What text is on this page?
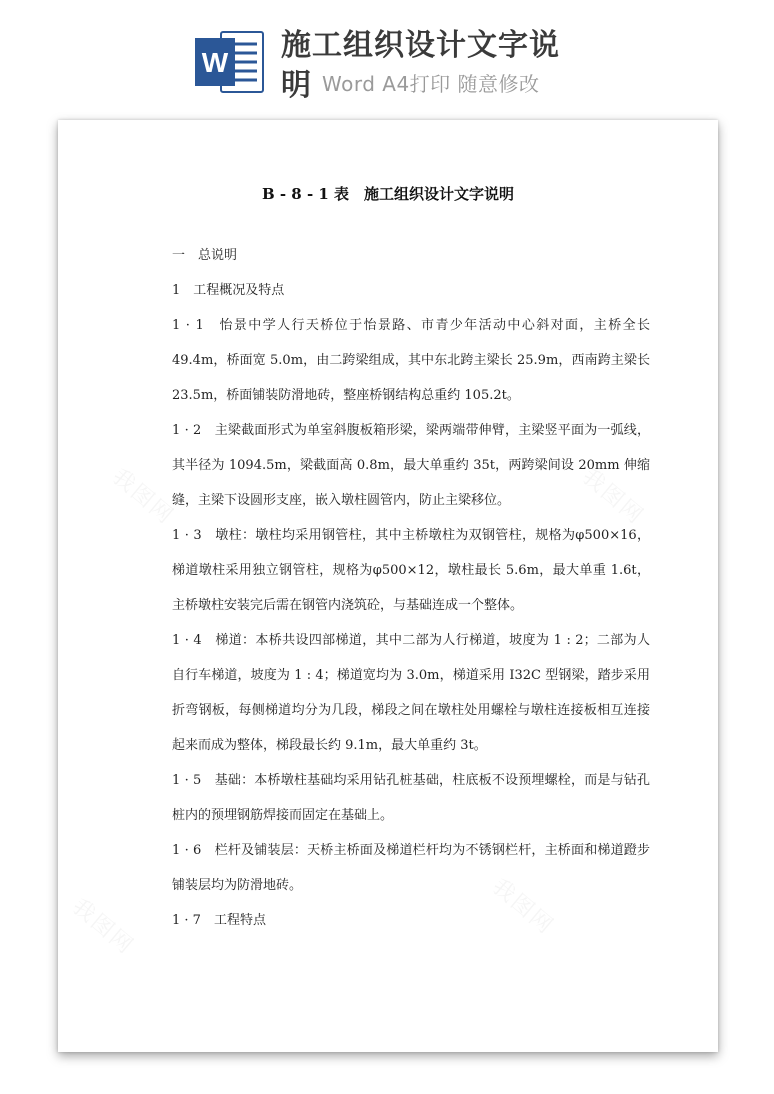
W 施工组织设计文字说明 Word A4打印 随意修改
我图网	我图网
我图网	我图网
B - 8 - 1 表　施工组织设计文字说明
一　总说明
1　工程概况及特点
1 · 1　怡景中学人行天桥位于怡景路、市青少年活动中心斜对面，主桥全长 49.4m，桥面宽 5.0m，由二跨梁组成，其中东北跨主梁长 25.9m，西南跨主梁长 23.5m，桥面铺装防滑地砖，整座桥钢结构总重约 105.2t。
1 · 2　主梁截面形式为单室斜腹板箱形梁，梁两端带伸臂，主梁竖平面为一弧线，其半径为 1094.5m，梁截面高 0.8m，最大单重约 35t，两跨梁间设 20mm 伸缩缝，主梁下设圆形支座，嵌入墩柱圆管内，防止主梁移位。
1 · 3　墩柱：墩柱均采用钢管柱，其中主桥墩柱为双钢管柱，规格为φ500×16，梯道墩柱采用独立钢管柱，规格为φ500×12，墩柱最长 5.6m，最大单重 1.6t，主桥墩柱安装完后需在钢管内浇筑砼，与基础连成一个整体。
1 · 4　梯道：本桥共设四部梯道，其中二部为人行梯道，坡度为 1 : 2；二部为人自行车梯道，坡度为 1 : 4；梯道宽均为 3.0m，梯道采用 I32C 型钢梁，踏步采用折弯钢板，每侧梯道均分为几段，梯段之间在墩柱处用螺栓与墩柱连接板相互连接起来而成为整体，梯段最长约 9.1m，最大单重约 3t。
1 · 5　基础：本桥墩柱基础均采用钻孔桩基础，柱底板不设预埋螺栓，而是与钻孔桩内的预埋钢筋焊接而固定在基础上。
1 · 6　栏杆及铺装层：天桥主桥面及梯道栏杆均为不锈钢栏杆，主桥面和梯道蹬步铺装层均为防滑地砖。
1 · 7　工程特点
